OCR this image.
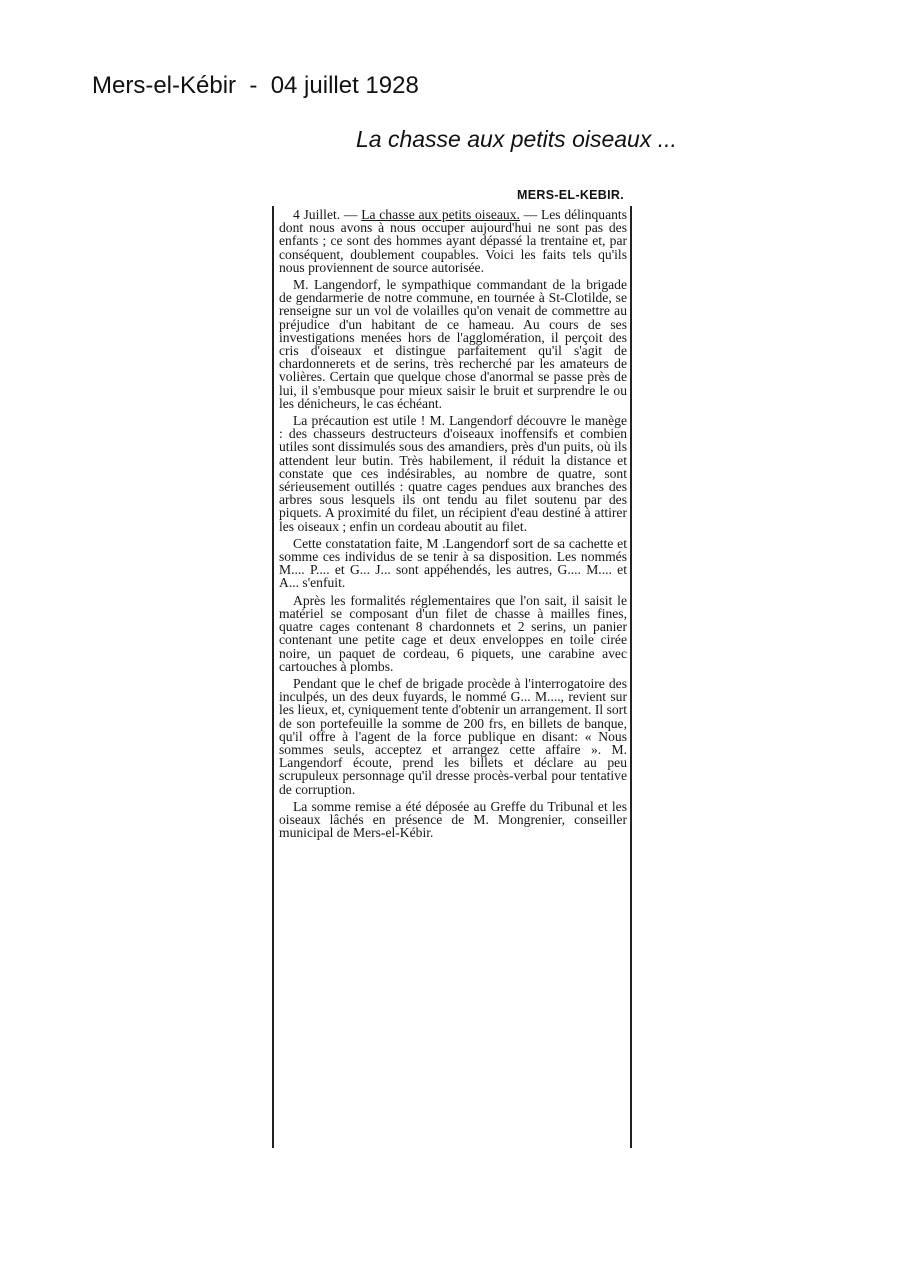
Mers-el-Kébir  -  04 juillet 1928
La chasse aux petits oiseaux ...
MERS-EL-KEBIR.

4 Juillet. — La chasse aux petits oiseaux. — Les délinquants dont nous avons à nous occuper aujourd'hui ne sont pas des enfants ; ce sont des hommes ayant dépassé la trentaine et, par conséquent, doublement coupables. Voici les faits tels qu'ils nous proviennent de source autorisée.

M. Langendorf, le sympathique commandant de la brigade de gendarmerie de notre commune, en tournée à St-Clotilde, se renseigne sur un vol de volailles qu'on venait de commettre au préjudice d'un habitant de ce hameau. Au cours de ses investigations menées hors de l'agglomération, il perçoit des cris d'oiseaux et distingue parfaitement qu'il s'agit de chardonnerets et de serins, très recherché par les amateurs de volières. Certain que quelque chose d'anormal se passe près de lui, il s'embusque pour mieux saisir le bruit et surprendre le ou les dénicheurs, le cas échéant.

La précaution est utile ! M. Langendorf découvre le manège : des chasseurs destructeurs d'oiseaux inoffensifs et combien utiles sont dissimulés sous des amandiers, près d'un puits, où ils attendent leur butin. Très habilement, il réduit la distance et constate que ces indésirables, au nombre de quatre, sont sérieusement outillés : quatre cages pendues aux branches des arbres sous lesquels ils ont tendu au filet soutenu par des piquets. A proximité du filet, un récipient d'eau destiné à attirer les oiseaux ; enfin un cordeau aboutit au filet.

Cette constatation faite, M .Langendorf sort de sa cachette et somme ces individus de se tenir à sa disposition. Les nommés M.... P.... et G... J... sont appéhendés, les autres, G.... M.... et A... s'enfuit.

Après les formalités réglementaires que l'on sait, il saisit le matériel se composant d'un filet de chasse à mailles fines, quatre cages contenant 8 chardonnets et 2 serins, un panier contenant une petite cage et deux enveloppes en toile cirée noire, un paquet de cordeau, 6 piquets, une carabine avec cartouches à plombs.

Pendant que le chef de brigade procède à l'interrogatoire des inculpés, un des deux fuyards, le nommé G... M...., revient sur les lieux, et, cyniquement tente d'obtenir un arrangement. Il sort de son portefeuille la somme de 200 frs, en billets de banque, qu'il offre à l'agent de la force publique en disant: « Nous sommes seuls, acceptez et arrangez cette affaire ». M. Langendorf écoute, prend les billets et déclare au peu scrupuleux personnage qu'il dresse procès-verbal pour tentative de corruption.

La somme remise a été déposée au Greffe du Tribunal et les oiseaux lâchés en présence de M. Mongrenier, conseiller municipal de Mers-el-Kébir.
